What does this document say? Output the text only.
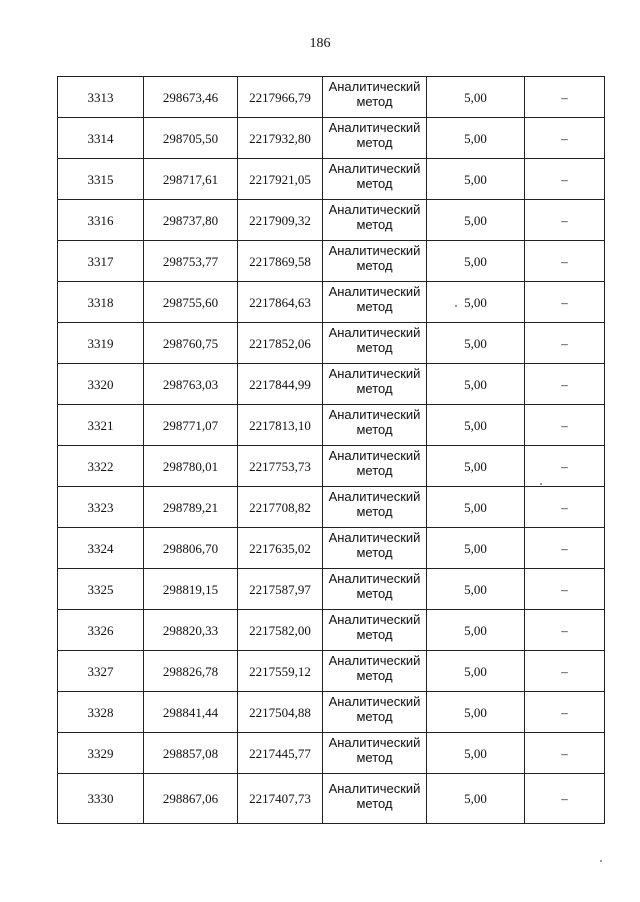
186
3313	298673,46	2217966,79	Аналитический
метод	5,00	–
3314	298705,50	2217932,80	Аналитический
метод	5,00	–
3315	298717,61	2217921,05	Аналитический
метод	5,00	–
3316	298737,80	2217909,32	Аналитический
метод	5,00	–
3317	298753,77	2217869,58	Аналитический
метод	5,00	–
3318	298755,60	2217864,63	Аналитический
метод	5,00	–
3319	298760,75	2217852,06	Аналитический
метод	5,00	–
3320	298763,03	2217844,99	Аналитический
метод	5,00	–
3321	298771,07	2217813,10	Аналитический
метод	5,00	–
3322	298780,01	2217753,73	Аналитический
метод	5,00	–
3323	298789,21	2217708,82	Аналитический
метод	5,00	–
3324	298806,70	2217635,02	Аналитический
метод	5,00	–
3325	298819,15	2217587,97	Аналитический
метод	5,00	–
3326	298820,33	2217582,00	Аналитический
метод	5,00	–
3327	298826,78	2217559,12	Аналитический
метод	5,00	–
3328	298841,44	2217504,88	Аналитический
метод	5,00	–
3329	298857,08	2217445,77	Аналитический
метод	5,00	–
3330	298867,06	2217407,73	Аналитический
метод	5,00	–
